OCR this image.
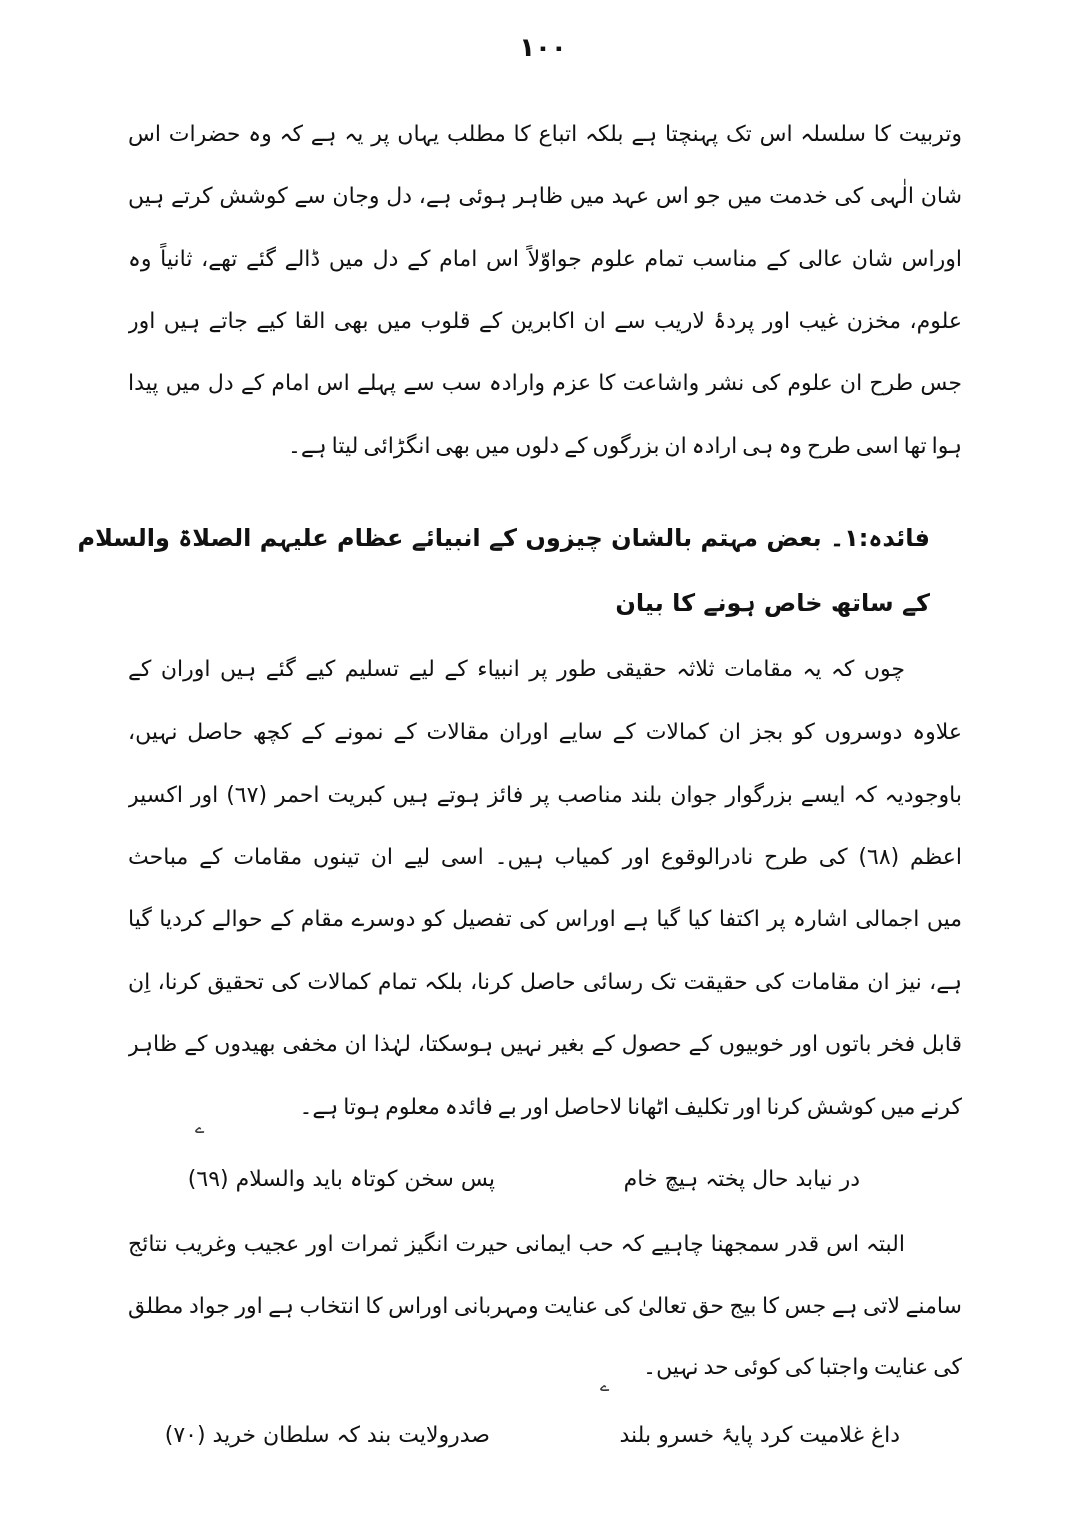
١٠٠
وتربیت کا سلسلہ اس تک پہنچتا ہے بلکہ اتباع کا مطلب یہاں پر یہ ہے کہ وہ حضرات اس
شان الٰہی کی خدمت میں جو اس عہد میں ظاہر ہوئی ہے، دل وجان سے کوشش کرتے ہیں
اوراس شان عالی کے مناسب تمام علوم جواوّلاً اس امام کے دل میں ڈالے گئے تھے، ثانیاً وہ
علوم، مخزن غیب اور پردۂ لاریب سے ان اکابرین کے قلوب میں بھی القا کیے جاتے ہیں اور
جس طرح ان علوم کی نشر واشاعت کا عزم وارادہ سب سے پہلے اس امام کے دل میں پیدا
ہوا تھا اسی طرح وہ ہی ارادہ ان بزرگوں کے دلوں میں بھی انگڑائی لیتا ہے۔
فائدہ:١۔ بعض مہتم بالشان چیزوں کے انبیائے عظام علیہم الصلاۃ والسلام
کے ساتھ خاص ہونے کا بیان
چوں کہ یہ مقامات ثلاثہ حقیقی طور پر انبیاء کے لیے تسلیم کیے گئے ہیں اوران کے
علاوہ دوسروں کو بجز ان کمالات کے سایے اوران مقالات کے نمونے کے کچھ حاصل نہیں،
باوجودیہ کہ ایسے بزرگوار جوان بلند مناصب پر فائز ہوتے ہیں کبریت احمر (٦٧) اور اکسیر
اعظم (٦٨) کی طرح نادرالوقوع اور کمیاب ہیں۔ اسی لیے ان تینوں مقامات کے مباحث
میں اجمالی اشارہ پر اکتفا کیا گیا ہے اوراس کی تفصیل کو دوسرے مقام کے حوالے کردیا گیا
ہے، نیز ان مقامات کی حقیقت تک رسائی حاصل کرنا، بلکہ تمام کمالات کی تحقیق کرنا، اِن
قابل فخر باتوں اور خوبیوں کے حصول کے بغیر نہیں ہوسکتا، لہٰذا ان مخفی بھیدوں کے ظاہر
کرنے میں کوشش کرنا اور تکلیف اٹھانا لاحاصل اور بے فائدہ معلوم ہوتا ہے۔
ے
در نیابد حال پختہ ہیچ خام
پس سخن کوتاہ باید والسلام (٦٩)
البتہ اس قدر سمجھنا چاہیے کہ حب ایمانی حیرت انگیز ثمرات اور عجیب وغریب نتائج
سامنے لاتی ہے جس کا بیج حق تعالیٰ کی عنایت ومہربانی اوراس کا انتخاب ہے اور جواد مطلق
کی عنایت واجتبا کی کوئی حد نہیں۔
ے
داغ غلامیت کرد پایۂ خسرو بلند
صدرولایت بند کہ سلطان خرید (٧٠)
